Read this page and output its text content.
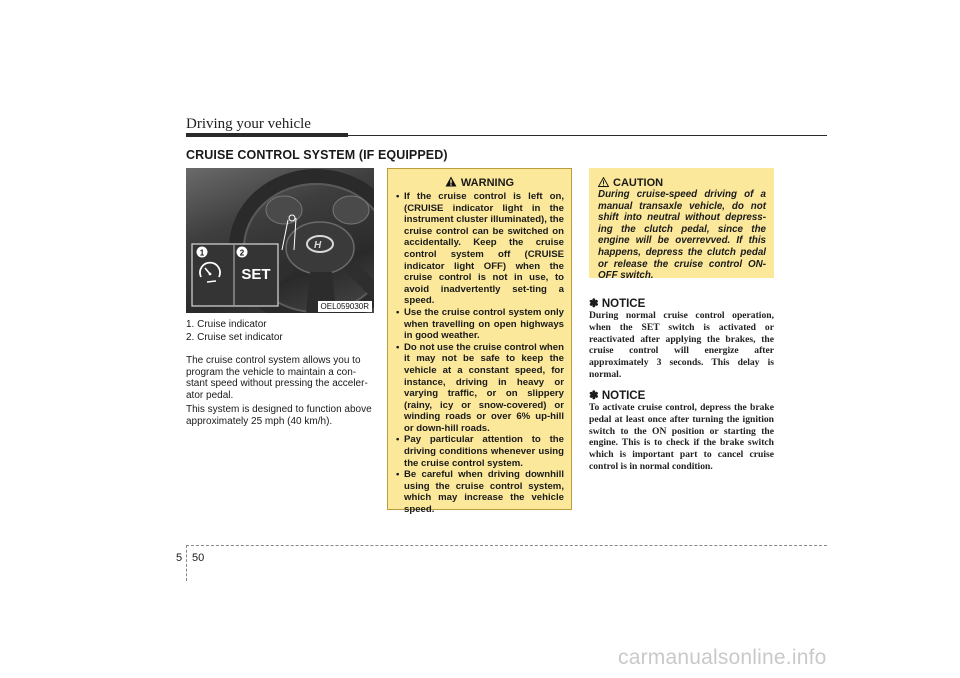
Driving your vehicle
CRUISE CONTROL SYSTEM (IF EQUIPPED)
H
1	2
SET
OEL059030R
1. Cruise indicator
2. Cruise set indicator

The cruise control system allows you to program the vehicle to maintain a con-stant speed without pressing the acceler-ator pedal.

This system is designed to function above approximately 25 mph (40 km/h).

WARNING
• If the cruise control is left on, (CRUISE indicator light in the instrument cluster illuminated), the cruise control can be switched on accidentally. Keep the cruise control system off (CRUISE indicator light OFF) when the cruise control is not in use, to avoid inadvertently set-ting a speed.
• Use the cruise control system only when travelling on open highways in good weather.
• Do not use the cruise control when it may not be safe to keep the vehicle at a constant speed, for instance, driving in heavy or varying traffic, or on slippery (rainy, icy or snow-covered) or winding roads or over 6% up-hill or down-hill roads.
• Pay particular attention to the driving conditions whenever using the cruise control system.
• Be careful when driving downhill using the cruise control system, which may increase the vehicle speed.
CAUTION
During cruise-speed driving of a manual transaxle vehicle, do not shift into neutral without depress-ing the clutch pedal, since the engine will be overrevved. If this happens, depress the clutch pedal or release the cruise control ON-OFF switch.
✽ NOTICE
During normal cruise control operation, when the SET switch is activated or reactivated after applying the brakes, the cruise control will energize after approximately 3 seconds. This delay is normal.
✽ NOTICE
To activate cruise control, depress the brake pedal at least once after turning the ignition switch to the ON position or starting the engine. This is to check if the brake switch which is important part to cancel cruise control is in normal condition.
5 50
carmanualsonline.info
